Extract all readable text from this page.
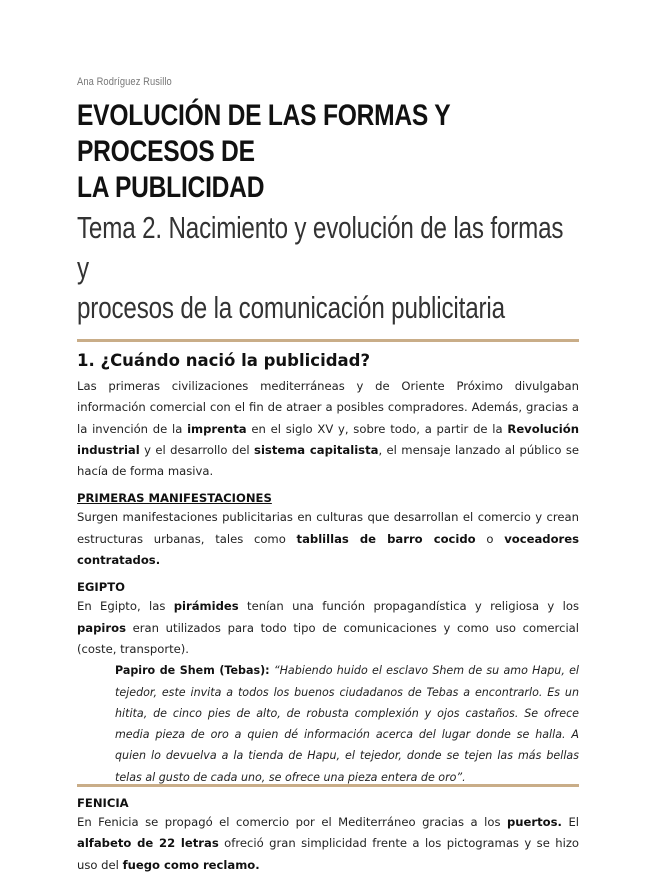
Ana Rodríguez Rusillo
EVOLUCIÓN DE LAS FORMAS Y PROCESOS DE
LA PUBLICIDAD
Tema 2. Nacimiento y evolución de las formas y
procesos de la comunicación publicitaria
1. ¿Cuándo nació la publicidad?

Las primeras civilizaciones mediterráneas y de Oriente Próximo divulgaban información comercial con el fin de atraer a posibles compradores. Además, gracias a la invención de la imprenta en el siglo XV y, sobre todo, a partir de la Revolución industrial y el desarrollo del sistema capitalista, el mensaje lanzado al público se hacía de forma masiva.

PRIMERAS MANIFESTACIONES

Surgen manifestaciones publicitarias en culturas que desarrollan el comercio y crean estructuras urbanas, tales como tablillas de barro cocido o voceadores contratados.

EGIPTO

En Egipto, las pirámides tenían una función propagandística y religiosa y los papiros eran utilizados para todo tipo de comunicaciones y como uso comercial (coste, transporte).

Papiro de Shem (Tebas): “Habiendo huido el esclavo Shem de su amo Hapu, el tejedor, este invita a todos los buenos ciudadanos de Tebas a encontrarlo. Es un hitita, de cinco pies de alto, de robusta complexión y ojos castaños. Se ofrece media pieza de oro a quien dé información acerca del lugar donde se halla. A quien lo devuelva a la tienda de Hapu, el tejedor, donde se tejen las más bellas telas al gusto de cada uno, se ofrece una pieza entera de oro”.

FENICIA

En Fenicia se propagó el comercio por el Mediterráneo gracias a los puertos. El alfabeto de 22 letras ofreció gran simplicidad frente a los pictogramas y se hizo uso del fuego como reclamo.
